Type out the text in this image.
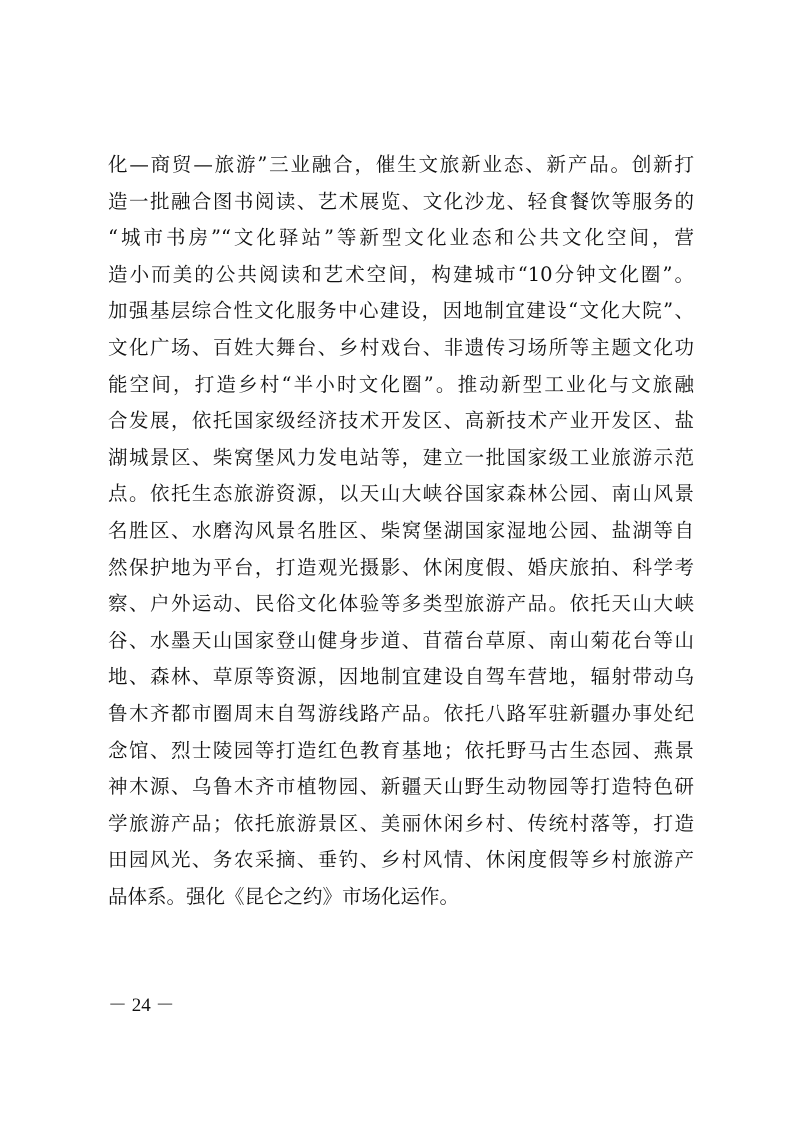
化—商贸—旅游”三业融合，催生文旅新业态、新产品。创新打
造一批融合图书阅读、艺术展览、文化沙龙、轻食餐饮等服务的
“城市书房”“文化驿站”等新型文化业态和公共文化空间，营
造小而美的公共阅读和艺术空间，构建城市“10分钟文化圈”。
加强基层综合性文化服务中心建设，因地制宜建设“文化大院”、
文化广场、百姓大舞台、乡村戏台、非遗传习场所等主题文化功
能空间，打造乡村“半小时文化圈”。推动新型工业化与文旅融
合发展，依托国家级经济技术开发区、高新技术产业开发区、盐
湖城景区、柴窝堡风力发电站等，建立一批国家级工业旅游示范
点。依托生态旅游资源，以天山大峡谷国家森林公园、南山风景
名胜区、水磨沟风景名胜区、柴窝堡湖国家湿地公园、盐湖等自
然保护地为平台，打造观光摄影、休闲度假、婚庆旅拍、科学考
察、户外运动、民俗文化体验等多类型旅游产品。依托天山大峡
谷、水墨天山国家登山健身步道、苜蓿台草原、南山菊花台等山
地、森林、草原等资源，因地制宜建设自驾车营地，辐射带动乌
鲁木齐都市圈周末自驾游线路产品。依托八路军驻新疆办事处纪
念馆、烈士陵园等打造红色教育基地；依托野马古生态园、燕景
神木源、乌鲁木齐市植物园、新疆天山野生动物园等打造特色研
学旅游产品；依托旅游景区、美丽休闲乡村、传统村落等，打造
田园风光、务农采摘、垂钓、乡村风情、休闲度假等乡村旅游产
品体系。强化《昆仑之约》市场化运作。
－ 24 －
